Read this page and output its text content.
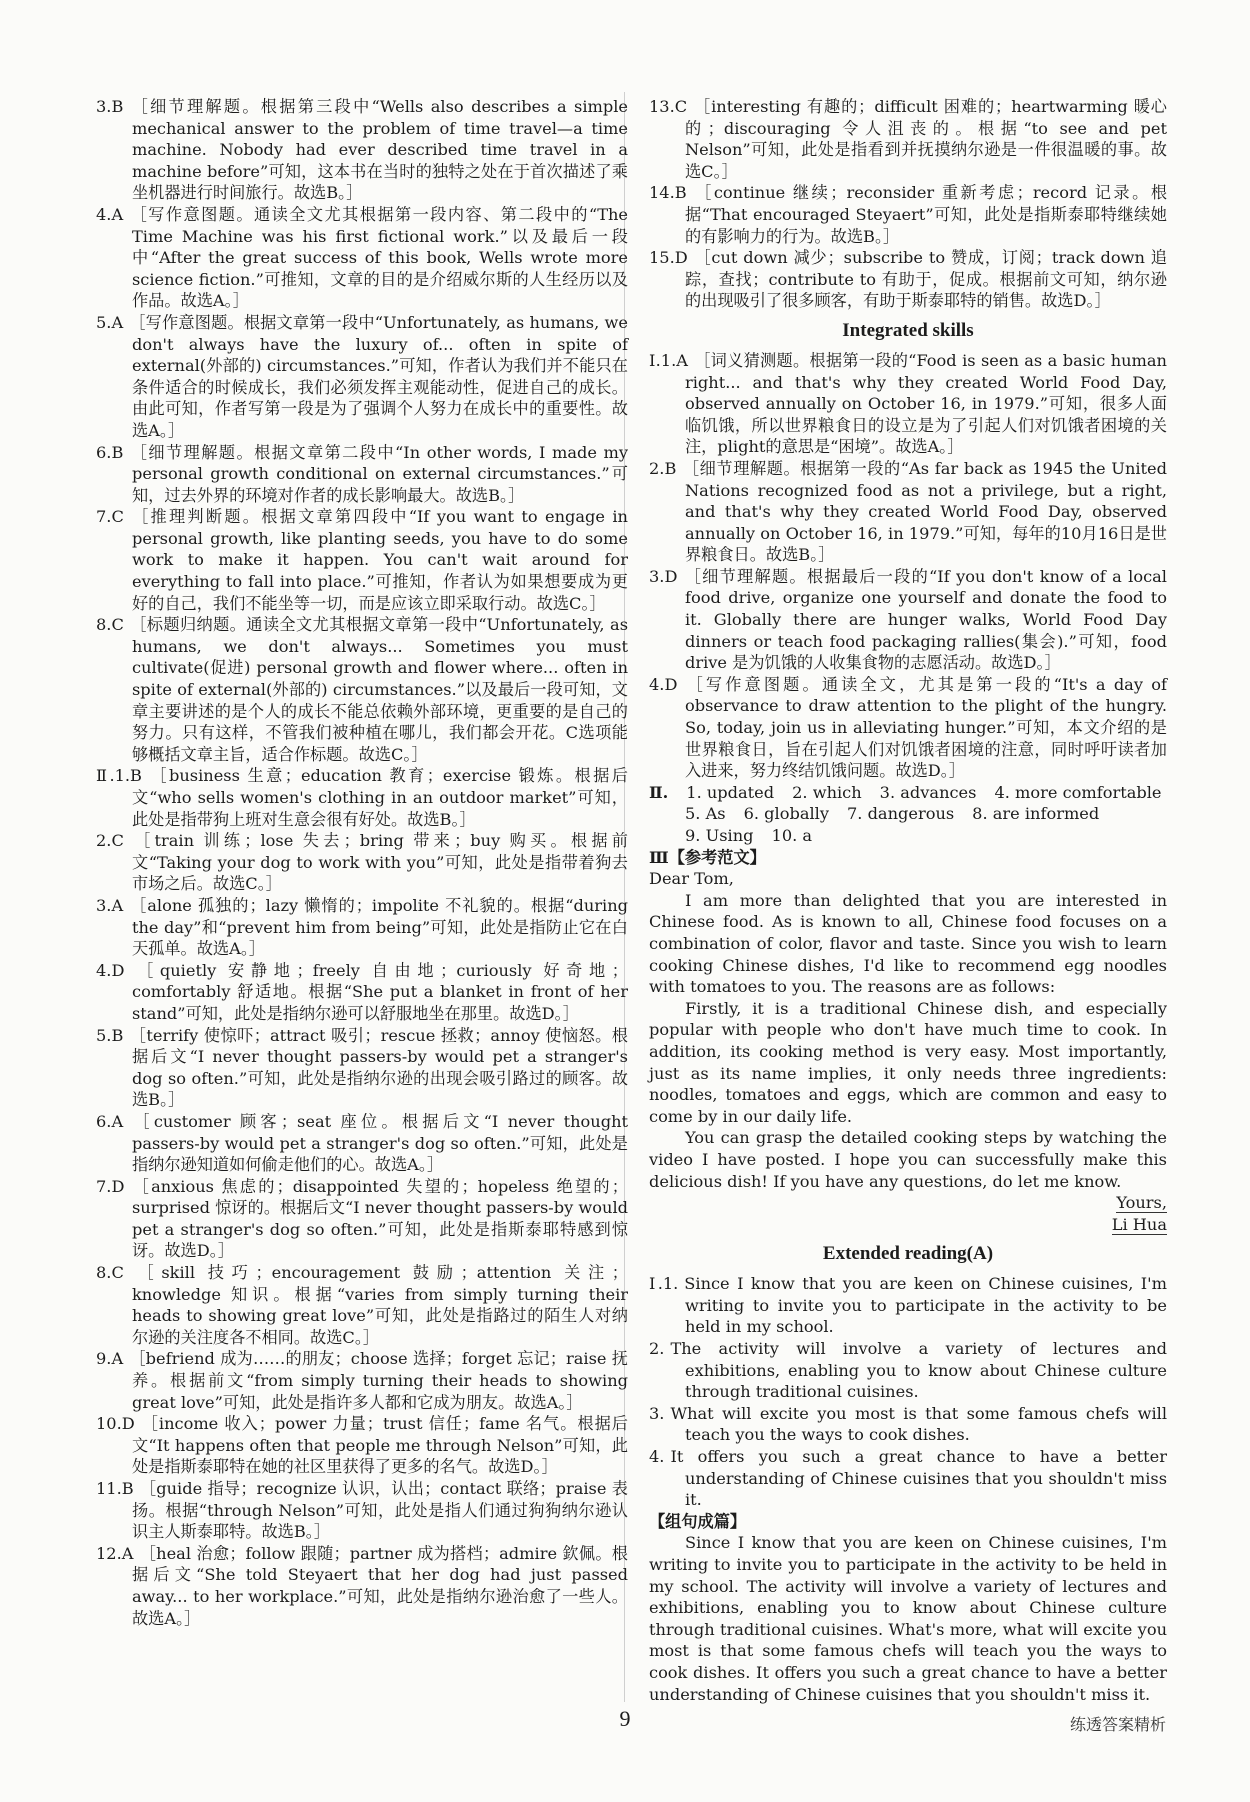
3.B ［细节理解题。根据第三段中“Wells also describes a simple mechanical answer to the problem of time travel—a time machine. Nobody had ever described time travel in a machine before”可知，这本书在当时的独特之处在于首次描述了乘坐机器进行时间旅行。故选B。］
4.A ［写作意图题。通读全文尤其根据第一段内容、第二段中的“The Time Machine was his first fictional work.”以及最后一段中“After the great success of this book, Wells wrote more science fiction.”可推知，文章的目的是介绍威尔斯的人生经历以及作品。故选A。］
5.A ［写作意图题。根据文章第一段中“Unfortunately, as humans, we don't always have the luxury of... often in spite of external(外部的) circumstances.”可知，作者认为我们并不能只在条件适合的时候成长，我们必须发挥主观能动性，促进自己的成长。由此可知，作者写第一段是为了强调个人努力在成长中的重要性。故选A。］
6.B ［细节理解题。根据文章第二段中“In other words, I made my personal growth conditional on external circumstances.”可知，过去外界的环境对作者的成长影响最大。故选B。］
7.C ［推理判断题。根据文章第四段中“If you want to engage in personal growth, like planting seeds, you have to do some work to make it happen. You can't wait around for everything to fall into place.”可推知，作者认为如果想要成为更好的自己，我们不能坐等一切，而是应该立即采取行动。故选C。］
8.C ［标题归纳题。通读全文尤其根据文章第一段中“Unfortunately, as humans, we don't always... Sometimes you must cultivate(促进) personal growth and flower where... often in spite of external(外部的) circumstances.”以及最后一段可知，文章主要讲述的是个人的成长不能总依赖外部环境，更重要的是自己的努力。只有这样，不管我们被种植在哪儿，我们都会开花。C选项能够概括文章主旨，适合作标题。故选C。］
Ⅱ.1.B ［business 生意；education 教育；exercise 锻炼。根据后文“who sells women's clothing in an outdoor market”可知，此处是指带狗上班对生意会很有好处。故选B。］
2.C ［train 训练；lose 失去；bring 带来；buy 购买。根据前文“Taking your dog to work with you”可知，此处是指带着狗去市场之后。故选C。］
3.A ［alone 孤独的；lazy 懒惰的；impolite 不礼貌的。根据“during the day”和“prevent him from being”可知，此处是指防止它在白天孤单。故选A。］
4.D ［quietly 安静地；freely 自由地；curiously 好奇地；comfortably 舒适地。根据“She put a blanket in front of her stand”可知，此处是指纳尔逊可以舒服地坐在那里。故选D。］
5.B ［terrify 使惊吓；attract 吸引；rescue 拯救；annoy 使恼怒。根据后文“I never thought passers-by would pet a stranger's dog so often.”可知，此处是指纳尔逊的出现会吸引路过的顾客。故选B。］
6.A ［customer 顾客；seat 座位。根据后文“I never thought passers-by would pet a stranger's dog so often.”可知，此处是指纳尔逊知道如何偷走他们的心。故选A。］
7.D ［anxious 焦虑的；disappointed 失望的；hopeless 绝望的；surprised 惊讶的。根据后文“I never thought passers-by would pet a stranger's dog so often.”可知，此处是指斯泰耶特感到惊讶。故选D。］
8.C ［skill 技巧；encouragement 鼓励；attention 关注；knowledge 知识。根据“varies from simply turning their heads to showing great love”可知，此处是指路过的陌生人对纳尔逊的关注度各不相同。故选C。］
9.A ［befriend 成为……的朋友；choose 选择；forget 忘记；raise 抚养。根据前文“from simply turning their heads to showing great love”可知，此处是指许多人都和它成为朋友。故选A。］
10.D ［income 收入；power 力量；trust 信任；fame 名气。根据后文“It happens often that people me through Nelson”可知，此处是指斯泰耶特在她的社区里获得了更多的名气。故选D。］
11.B ［guide 指导；recognize 认识，认出；contact 联络；praise 表扬。根据“through Nelson”可知，此处是指人们通过狗狗纳尔逊认识主人斯泰耶特。故选B。］
12.A ［heal 治愈；follow 跟随；partner 成为搭档；admire 欽佩。根据后文“She told Steyaert that her dog had just passed away... to her workplace.”可知，此处是指纳尔逊治愈了一些人。故选A。］
13.C ［interesting 有趣的；difficult 困难的；heartwarming 暖心的；discouraging 令人沮丧的。根据“to see and pet Nelson”可知，此处是指看到并抚摸纳尔逊是一件很温暖的事。故选C。］
14.B ［continue 继续；reconsider 重新考虑；record 记录。根据“That encouraged Steyaert”可知，此处是指斯泰耶特继续她的有影响力的行为。故选B。］
15.D ［cut down 减少；subscribe to 赞成，订阅；track down 追踪，查找；contribute to 有助于，促成。根据前文可知，纳尔逊的出现吸引了很多顾客，有助于斯泰耶特的销售。故选D。］
Integrated skills
Ⅰ.1.A ［词义猜测题。根据第一段的“Food is seen as a basic human right... and that's why they created World Food Day, observed annually on October 16, in 1979.”可知，很多人面临饥饿，所以世界粮食日的设立是为了引起人们对饥饿者困境的关注，plight的意思是“困境”。故选A。］
2.B ［细节理解题。根据第一段的“As far back as 1945 the United Nations recognized food as not a privilege, but a right, and that's why they created World Food Day, observed annually on October 16, in 1979.”可知，每年的10月16日是世界粮食日。故选B。］
3.D ［细节理解题。根据最后一段的“If you don't know of a local food drive, organize one yourself and donate the food to it. Globally there are hunger walks, World Food Day dinners or teach food packaging rallies(集会).”可知，food drive 是为饥饿的人收集食物的志愿活动。故选D。］
4.D ［写作意图题。通读全文，尤其是第一段的“It's a day of observance to draw attention to the plight of the hungry. So, today, join us in alleviating hunger.”可知，本文介绍的是世界粮食日，旨在引起人们对饥饿者困境的注意，同时呼吁读者加入进来，努力终结饥饿问题。故选D。］
Ⅱ. 1. updated 2. which 3. advances 4. more comfortable
5. As 6. globally 7. dangerous 8. are informed
9. Using 10. a
Ⅲ【参考范文】
Dear Tom,
I am more than delighted that you are interested in Chinese food. As is known to all, Chinese food focuses on a combination of color, flavor and taste. Since you wish to learn cooking Chinese dishes, I'd like to recommend egg noodles with tomatoes to you. The reasons are as follows:
Firstly, it is a traditional Chinese dish, and especially popular with people who don't have much time to cook. In addition, its cooking method is very easy. Most importantly, just as its name implies, it only needs three ingredients: noodles, tomatoes and eggs, which are common and easy to come by in our daily life.
You can grasp the detailed cooking steps by watching the video I have posted. I hope you can successfully make this delicious dish! If you have any questions, do let me know.
Yours,
Li Hua
Extended reading(A)
Ⅰ.1. Since I know that you are keen on Chinese cuisines, I'm writing to invite you to participate in the activity to be held in my school.
2. The activity will involve a variety of lectures and exhibitions, enabling you to know about Chinese culture through traditional cuisines.
3. What will excite you most is that some famous chefs will teach you the ways to cook dishes.
4. It offers you such a great chance to have a better understanding of Chinese cuisines that you shouldn't miss it.
【组句成篇】
Since I know that you are keen on Chinese cuisines, I'm writing to invite you to participate in the activity to be held in my school. The activity will involve a variety of lectures and exhibitions, enabling you to know about Chinese culture through traditional cuisines. What's more, what will excite you most is that some famous chefs will teach you the ways to cook dishes. It offers you such a great chance to have a better understanding of Chinese cuisines that you shouldn't miss it.
9	练透答案精析
